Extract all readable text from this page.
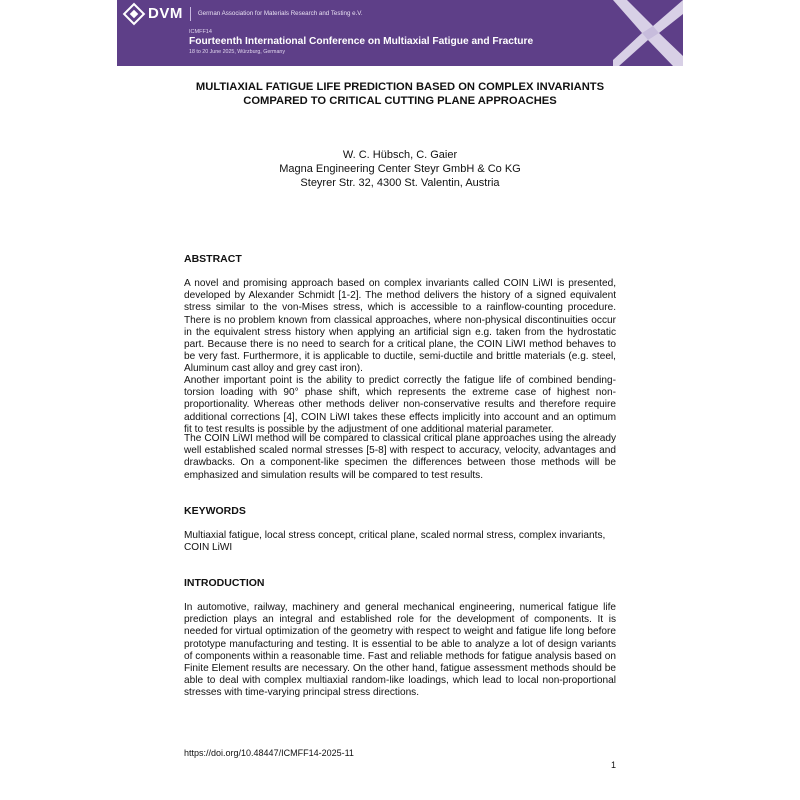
DVM German Association for Materials Research and Testing e.V.
ICMFF14
Fourteenth International Conference on Multiaxial Fatigue and Fracture
18 to 20 June 2025, Würzburg, Germany
MULTIAXIAL FATIGUE LIFE PREDICTION BASED ON COMPLEX INVARIANTS
COMPARED TO CRITICAL CUTTING PLANE APPROACHES
W. C. Hübsch, C. Gaier
Magna Engineering Center Steyr GmbH & Co KG
Steyrer Str. 32, 4300 St. Valentin, Austria
ABSTRACT
A novel and promising approach based on complex invariants called COIN LiWI is presented, developed by Alexander Schmidt [1-2]. The method delivers the history of a signed equivalent stress similar to the von-Mises stress, which is accessible to a rainflow-counting procedure. There is no problem known from classical approaches, where non-physical discontinuities occur in the equivalent stress history when applying an artificial sign e.g. taken from the hydrostatic part. Because there is no need to search for a critical plane, the COIN LiWI method behaves to be very fast. Furthermore, it is applicable to ductile, semi-ductile and brittle materials (e.g. steel, Aluminum cast alloy and grey cast iron).
Another important point is the ability to predict correctly the fatigue life of combined bending-torsion loading with 90° phase shift, which represents the extreme case of highest non-proportionality. Whereas other methods deliver non-conservative results and therefore require additional corrections [4], COIN LiWI takes these effects implicitly into account and an optimum fit to test results is possible by the adjustment of one additional material parameter.
The COIN LiWI method will be compared to classical critical plane approaches using the already well established scaled normal stresses [5-8] with respect to accuracy, velocity, advantages and drawbacks. On a component-like specimen the differences between those methods will be emphasized and simulation results will be compared to test results.
KEYWORDS
Multiaxial fatigue, local stress concept, critical plane, scaled normal stress, complex invariants, COIN LiWI
INTRODUCTION
In automotive, railway, machinery and general mechanical engineering, numerical fatigue life prediction plays an integral and established role for the development of components. It is needed for virtual optimization of the geometry with respect to weight and fatigue life long before prototype manufacturing and testing. It is essential to be able to analyze a lot of design variants of components within a reasonable time. Fast and reliable methods for fatigue analysis based on Finite Element results are necessary. On the other hand, fatigue assessment methods should be able to deal with complex multiaxial random-like loadings, which lead to local non-proportional stresses with time-varying principal stress directions.
https://doi.org/10.48447/ICMFF14-2025-11
1
